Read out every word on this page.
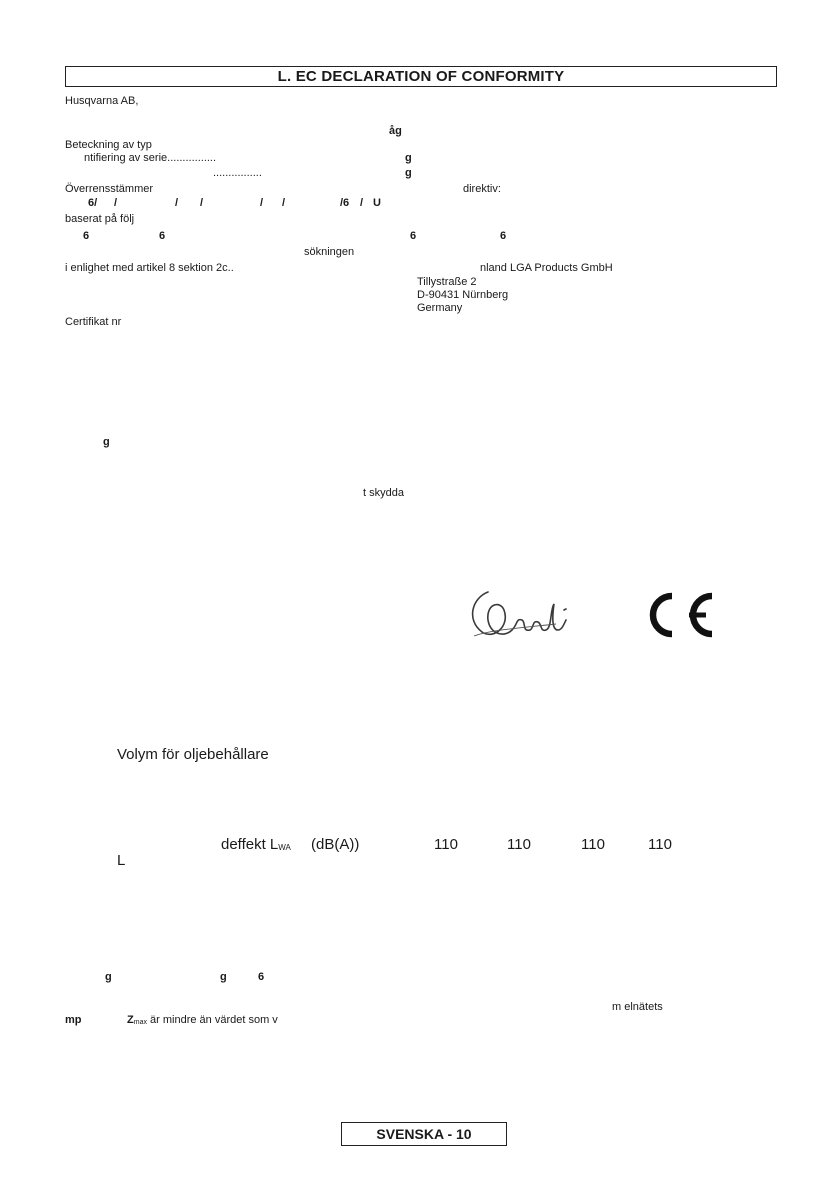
L. EC DECLARATION OF CONFORMITY
Husqvarna AB,
åg
Beteckning av typ
ntifiering av serie................	g
................	g
Överrensstämmer	direktiv:
6/ /	/ /	/ /	/6 / U
baserat på följ
6	6	6	6
sökningen
i enlighet med artikel 8 sektion 2c..	nland LGA Products GmbH
Tillystraße 2
D-90431 Nürnberg
Germany
Certifikat nr
g
t skydda
Volym för oljebehållare
deffekt $L_{WA}$ (dB(A))	110	110	110	110
L
g	g	6
m elnätets
mp	$Z_{max}$ är mindre än värdet som v
SVENSKA - 10
